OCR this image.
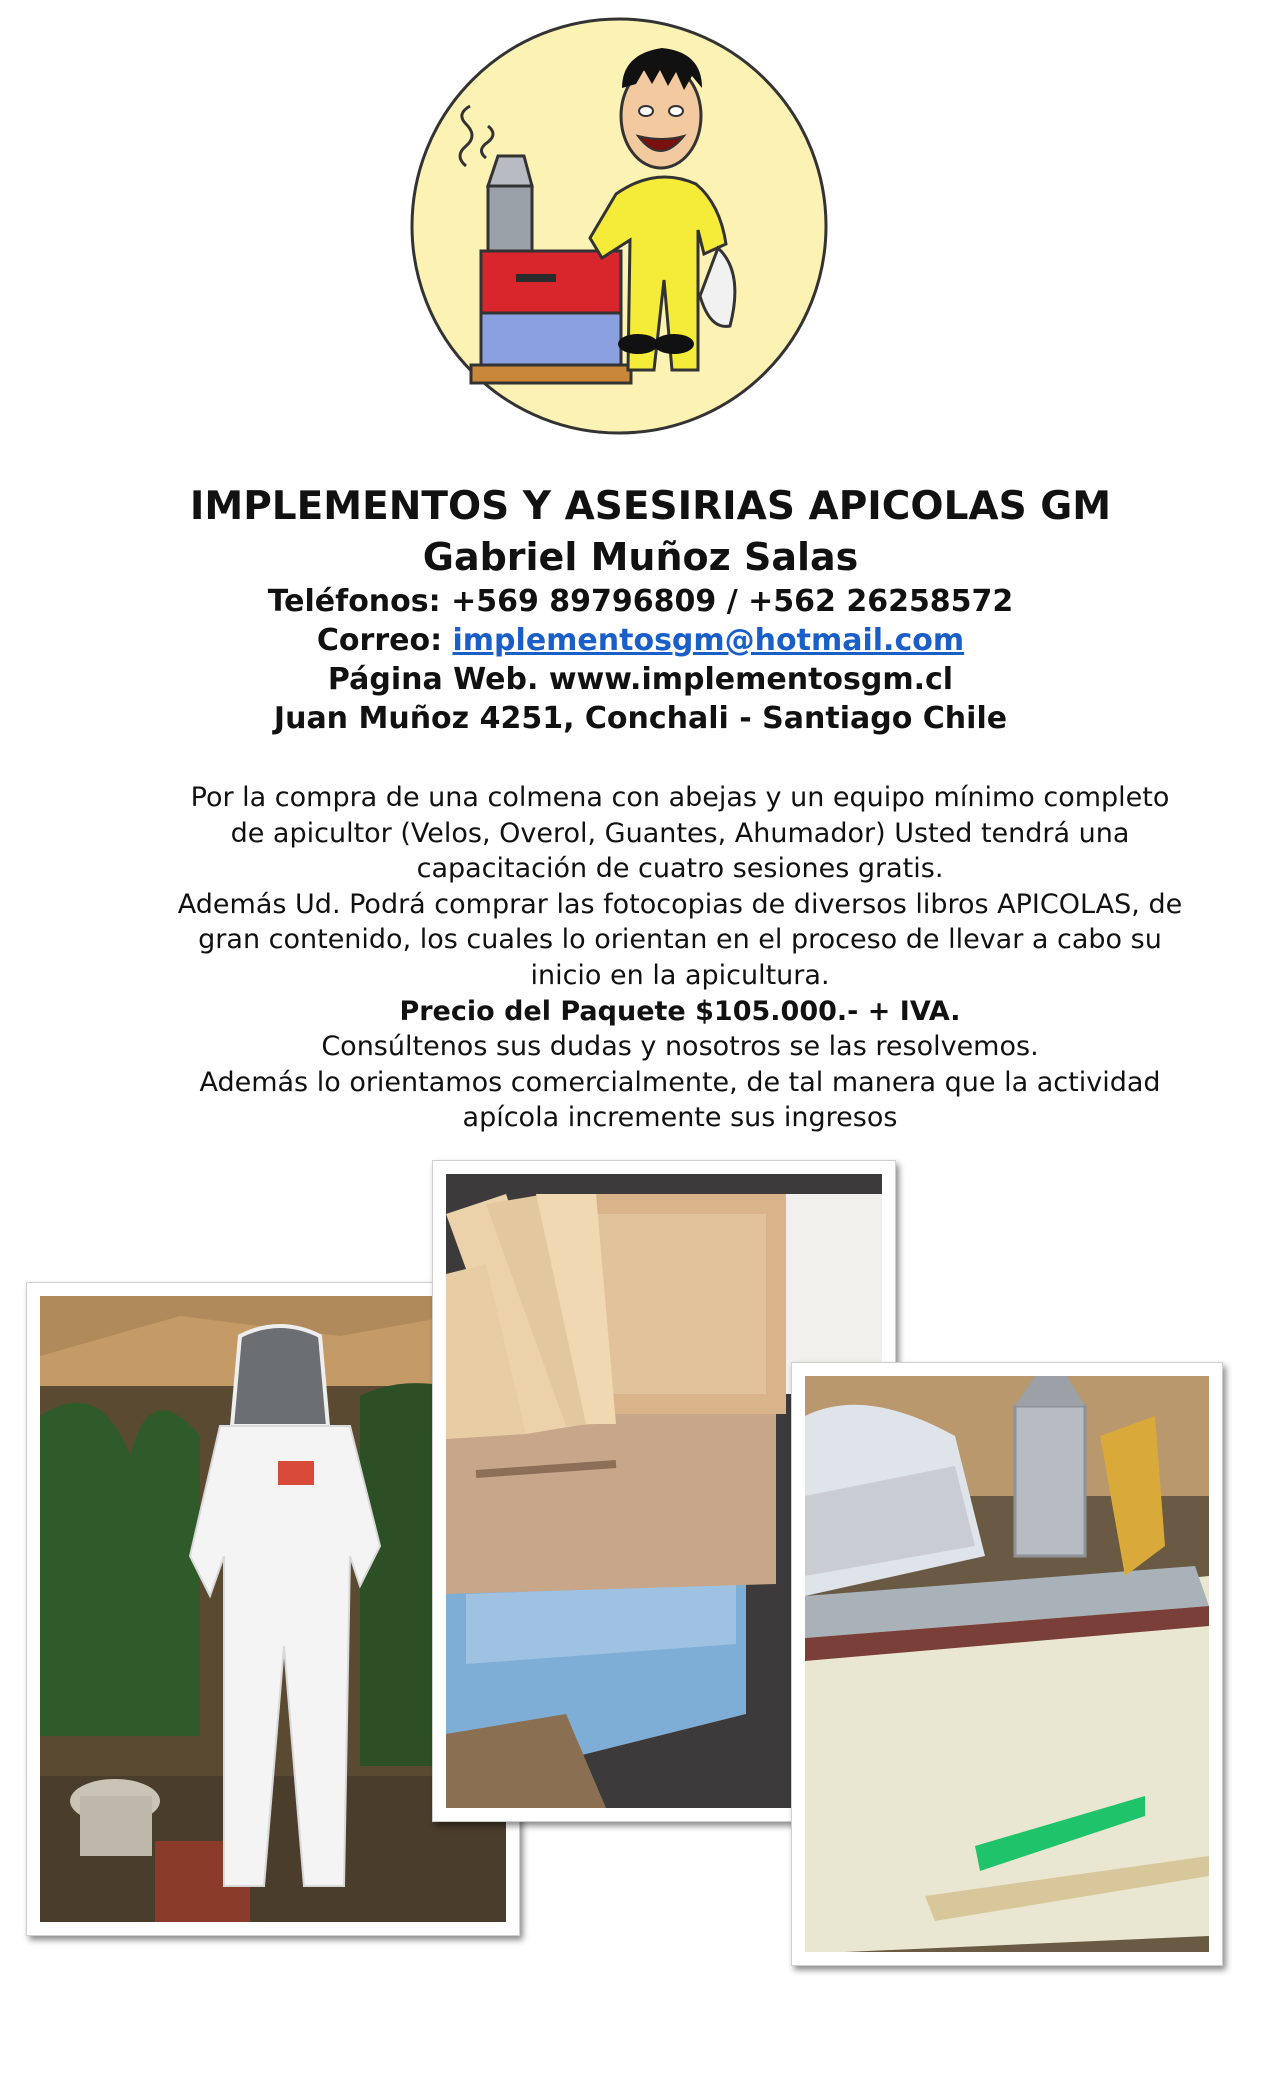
IMPLEMENTOS Y ASESIRIAS APICOLAS GM
Gabriel Muñoz Salas
Teléfonos: +569 89796809 / +562 26258572
Correo: implementosgm@hotmail.com
Página Web. www.implementosgm.cl
Juan Muñoz 4251, Conchali - Santiago Chile

Por la compra de una colmena con abejas y un equipo mínimo completo de apicultor (Velos, Overol, Guantes, Ahumador) Usted tendrá una capacitación de cuatro sesiones gratis.

Además Ud. Podrá comprar las fotocopias de diversos libros APICOLAS, de gran contenido, los cuales lo orientan en el proceso de llevar a cabo su inicio en la apicultura.

Precio del Paquete $105.000.- + IVA.

Consúltenos sus dudas y nosotros se las resolvemos.

Además lo orientamos comercialmente, de tal manera que la actividad apícola incremente sus ingresos
